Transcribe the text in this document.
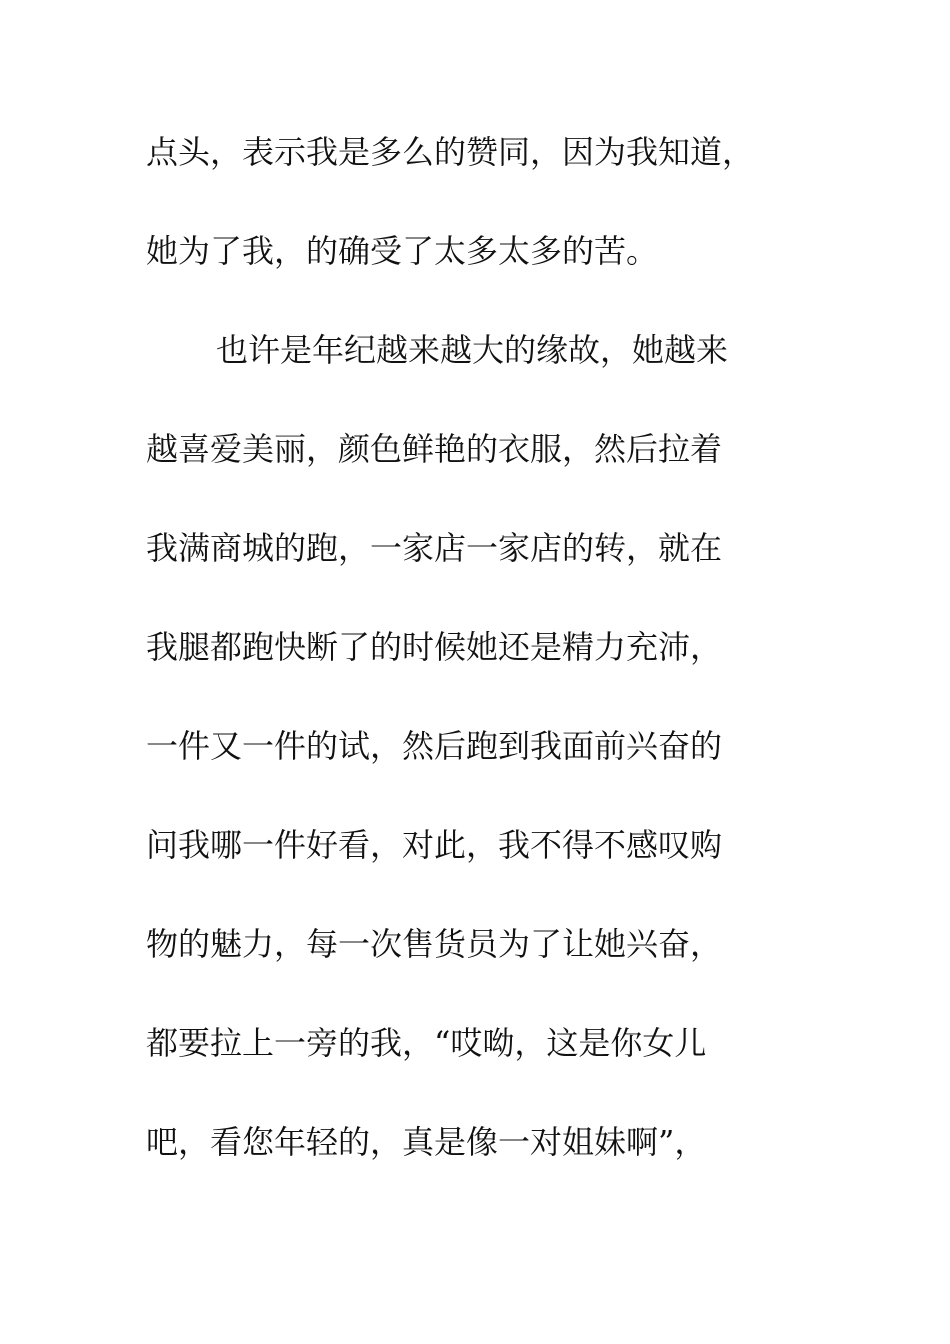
点头，表示我是多么的赞同，因为我知道，
她为了我，的确受了太多太多的苦。
也许是年纪越来越大的缘故，她越来
越喜爱美丽，颜色鲜艳的衣服，然后拉着
我满商城的跑，一家店一家店的转，就在
我腿都跑快断了的时候她还是精力充沛，
一件又一件的试，然后跑到我面前兴奋的
问我哪一件好看，对此，我不得不感叹购
物的魅力，每一次售货员为了让她兴奋，
都要拉上一旁的我，“哎呦，这是你女儿
吧，看您年轻的，真是像一对姐妹啊”，
